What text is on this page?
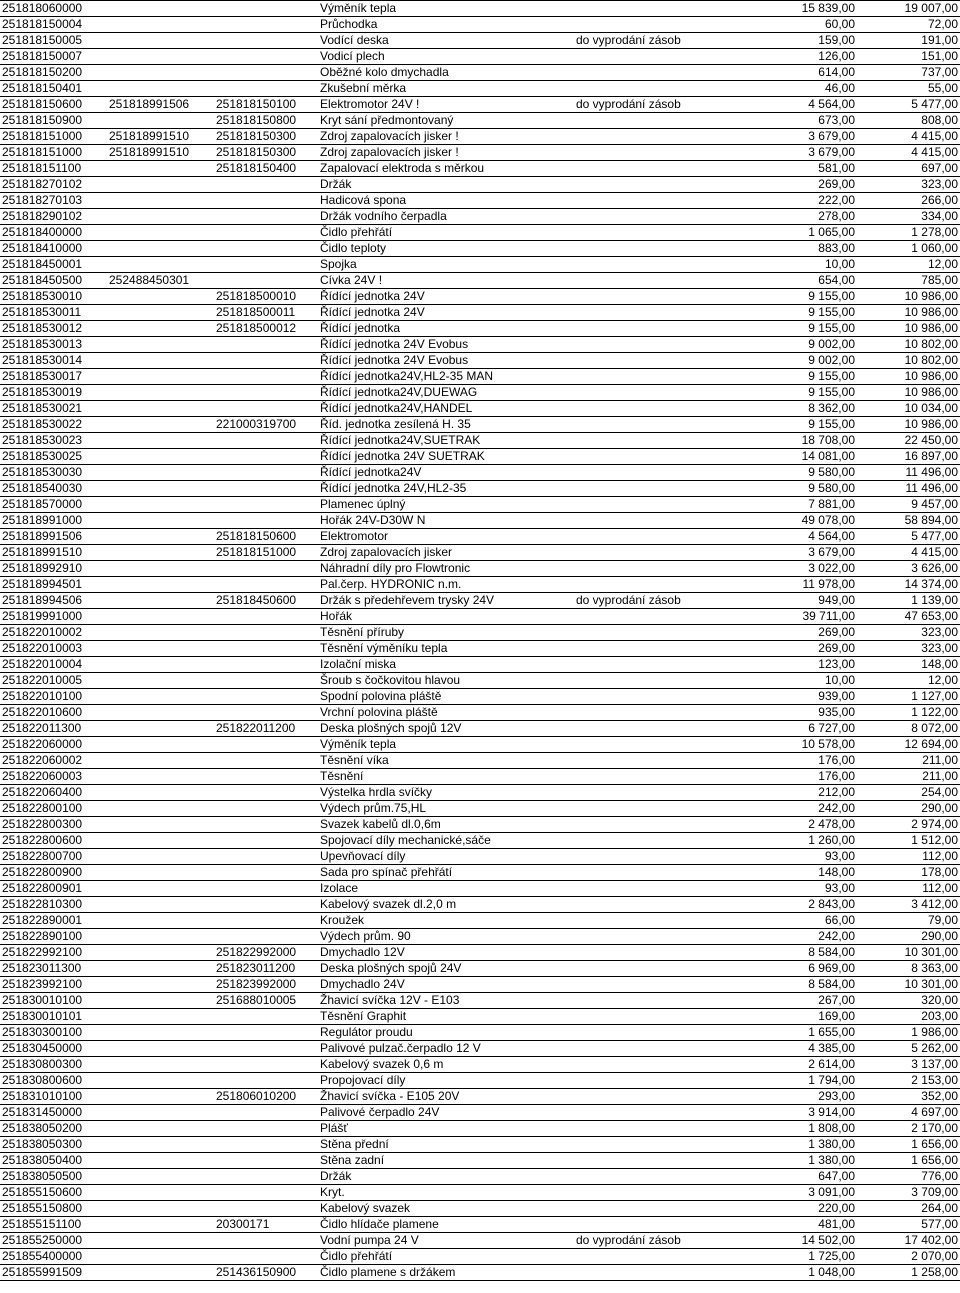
251818060000			Výměník tepla		15 839,00	19 007,00
251818150004			Průchodka		60,00	72,00
251818150005			Vodící deska	do vyprodání zásob	159,00	191,00
251818150007			Vodicí plech		126,00	151,00
251818150200			Oběžné kolo dmychadla		614,00	737,00
251818150401			Zkušební měrka		46,00	55,00
251818150600	251818991506	251818150100	Elektromotor 24V !	do vyprodání zásob	4 564,00	5 477,00
251818150900		251818150800	Kryt sání předmontovaný		673,00	808,00
251818151000	251818991510	251818150300	Zdroj zapalovacích jisker !		3 679,00	4 415,00
251818151000	251818991510	251818150300	Zdroj zapalovacích jisker !		3 679,00	4 415,00
251818151100		251818150400	Zapalovací elektroda s měrkou		581,00	697,00
251818270102			Držák		269,00	323,00
251818270103			Hadicová spona		222,00	266,00
251818290102			Držák vodního čerpadla		278,00	334,00
251818400000			Čidlo přehřátí		1 065,00	1 278,00
251818410000			Čidlo teploty		883,00	1 060,00
251818450001			Spojka		10,00	12,00
251818450500	252488450301		Cívka 24V !		654,00	785,00
251818530010		251818500010	Řídící jednotka 24V		9 155,00	10 986,00
251818530011		251818500011	Řídící jednotka 24V		9 155,00	10 986,00
251818530012		251818500012	Řídící jednotka		9 155,00	10 986,00
251818530013			Řídící jednotka 24V Evobus		9 002,00	10 802,00
251818530014			Řídící jednotka 24V Evobus		9 002,00	10 802,00
251818530017			Řídící jednotka24V,HL2-35 MAN		9 155,00	10 986,00
251818530019			Řídící jednotka24V,DUEWAG		9 155,00	10 986,00
251818530021			Řídící jednotka24V,HANDEL		8 362,00	10 034,00
251818530022		221000319700	Říd. jednotka zesílená H. 35		9 155,00	10 986,00
251818530023			Řídící jednotka24V,SUETRAK		18 708,00	22 450,00
251818530025			Řídící jednotka 24V SUETRAK		14 081,00	16 897,00
251818530030			Řídící jednotka24V		9 580,00	11 496,00
251818540030			Řídící jednotka 24V,HL2-35		9 580,00	11 496,00
251818570000			Plamenec úplný		7 881,00	9 457,00
251818991000			Hořák 24V-D30W N		49 078,00	58 894,00
251818991506		251818150600	Elektromotor		4 564,00	5 477,00
251818991510		251818151000	Zdroj zapalovacích jisker		3 679,00	4 415,00
251818992910			Náhradní díly pro Flowtronic		3 022,00	3 626,00
251818994501			Pal.čerp. HYDRONIC n.m.		11 978,00	14 374,00
251818994506		251818450600	Držák s předehřevem trysky 24V	do vyprodání zásob	949,00	1 139,00
251819991000			Hořák		39 711,00	47 653,00
251822010002			Těsnění příruby		269,00	323,00
251822010003			Těsnění výměníku tepla		269,00	323,00
251822010004			Izolační miska		123,00	148,00
251822010005			Šroub s čočkovitou hlavou		10,00	12,00
251822010100			Spodní polovina pláště		939,00	1 127,00
251822010600			Vrchní polovina pláště		935,00	1 122,00
251822011300		251822011200	Deska plošných spojů 12V		6 727,00	8 072,00
251822060000			Výměník tepla		10 578,00	12 694,00
251822060002			Těsnění víka		176,00	211,00
251822060003			Těsnění		176,00	211,00
251822060400			Výstelka hrdla svíčky		212,00	254,00
251822800100			Výdech prům.75,HL		242,00	290,00
251822800300			Svazek kabelů dl.0,6m		2 478,00	2 974,00
251822800600			Spojovací díly mechanické,sáče		1 260,00	1 512,00
251822800700			Upevňovací díly		93,00	112,00
251822800900			Sada pro spínač přehřátí		148,00	178,00
251822800901			Izolace		93,00	112,00
251822810300			Kabelový svazek dl.2,0 m		2 843,00	3 412,00
251822890001			Kroužek		66,00	79,00
251822890100			Výdech prům. 90		242,00	290,00
251822992100		251822992000	Dmychadlo 12V		8 584,00	10 301,00
251823011300		251823011200	Deska plošných spojů 24V		6 969,00	8 363,00
251823992100		251823992000	Dmychadlo 24V		8 584,00	10 301,00
251830010100		251688010005	Žhavicí svíčka 12V - E103		267,00	320,00
251830010101			Těsnění Graphit		169,00	203,00
251830300100			Regulátor proudu		1 655,00	1 986,00
251830450000			Palivové pulzač.čerpadlo 12 V		4 385,00	5 262,00
251830800300			Kabelový svazek 0,6 m		2 614,00	3 137,00
251830800600			Propojovací díly		1 794,00	2 153,00
251831010100		251806010200	Žhavicí svíčka - E105 20V		293,00	352,00
251831450000			Palivové čerpadlo 24V		3 914,00	4 697,00
251838050200			Plášť		1 808,00	2 170,00
251838050300			Stěna přední		1 380,00	1 656,00
251838050400			Stěna zadní		1 380,00	1 656,00
251838050500			Držák		647,00	776,00
251855150600			Kryt.		3 091,00	3 709,00
251855150800			Kabelový svazek		220,00	264,00
251855151100		20300171	Čidlo hlídače plamene		481,00	577,00
251855250000			Vodní pumpa 24 V	do vyprodání zásob	14 502,00	17 402,00
251855400000			Čidlo přehřátí		1 725,00	2 070,00
251855991509		251436150900	Čidlo plamene s držákem		1 048,00	1 258,00
